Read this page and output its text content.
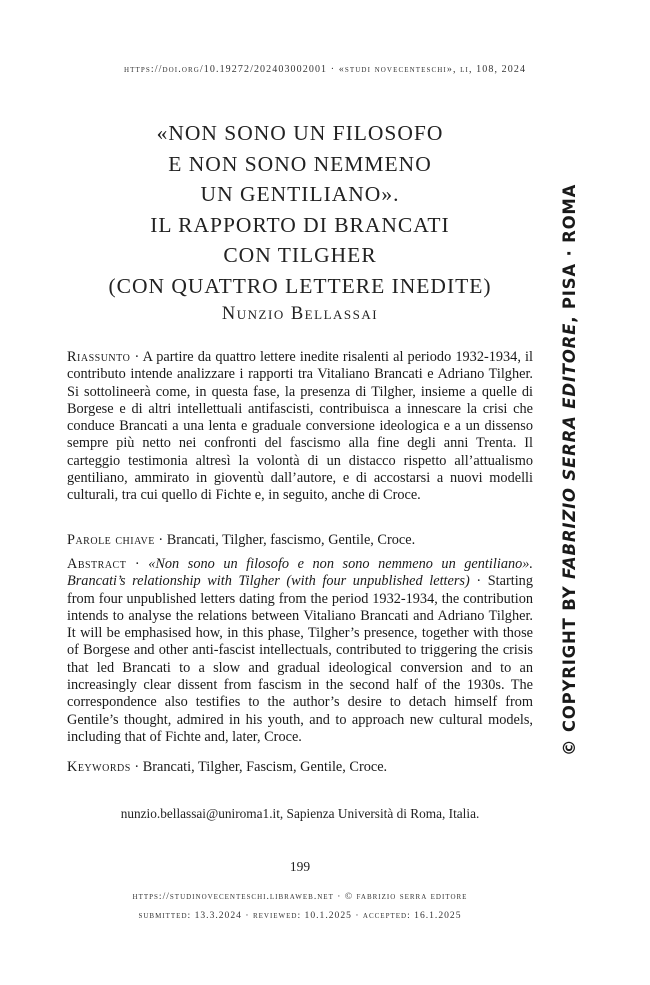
https://doi.org/10.19272/202403002001 · «studi novecenteschi», li, 108, 2024
«NON SONO UN FILOSOFO
E NON SONO NEMMENO
UN GENTILIANO».
IL RAPPORTO DI BRANCATI
CON TILGHER
(CON QUATTRO LETTERE INEDITE)
Nunzio Bellassai
Riassunto · A partire da quattro lettere inedite risalenti al periodo 1932-1934, il contributo intende analizzare i rapporti tra Vitaliano Brancati e Adriano Tilgher. Si sottolineerà come, in questa fase, la presenza di Tilgher, insieme a quelle di Borgese e di altri intellettuali antifascisti, contribuisca a innescare la crisi che conduce Brancati a una lenta e graduale conversione ideologica e a un dissenso sempre più netto nei confronti del fascismo alla fine degli anni Trenta. Il carteggio testimonia altresì la volontà di un distacco rispetto all’attualismo gentiliano, ammirato in gioventù dall’autore, e di accostarsi a nuovi modelli culturali, tra cui quello di Fichte e, in seguito, anche di Croce.
Parole chiave · Brancati, Tilgher, fascismo, Gentile, Croce.
Abstract · «Non sono un filosofo e non sono nemmeno un gentiliano». Brancati’s relationship with Tilgher (with four unpublished letters) · Starting from four unpublished letters dating from the period 1932-1934, the contribution intends to analyse the relations between Vitaliano Brancati and Adriano Tilgher. It will be emphasised how, in this phase, Tilgher’s presence, together with those of Borgese and other anti-fascist intellectuals, contributed to triggering the crisis that led Brancati to a slow and gradual ideological conversion and to an increasingly clear dissent from fascism in the second half of the 1930s. The correspondence also testifies to the author’s desire to detach himself from Gentile’s thought, admired in his youth, and to approach new cultural models, including that of Fichte and, later, Croce.
Keywords · Brancati, Tilgher, Fascism, Gentile, Croce.
nunzio.bellassai@uniroma1.it, Sapienza Università di Roma, Italia.
199
https://studinovecenteschi.libraweb.net · © fabrizio serra editore
submitted: 13.3.2024 · reviewed: 10.1.2025 · accepted: 16.1.2025
© COPYRIGHT BY FABRIZIO SERRA EDITORE, PISA · ROMA
